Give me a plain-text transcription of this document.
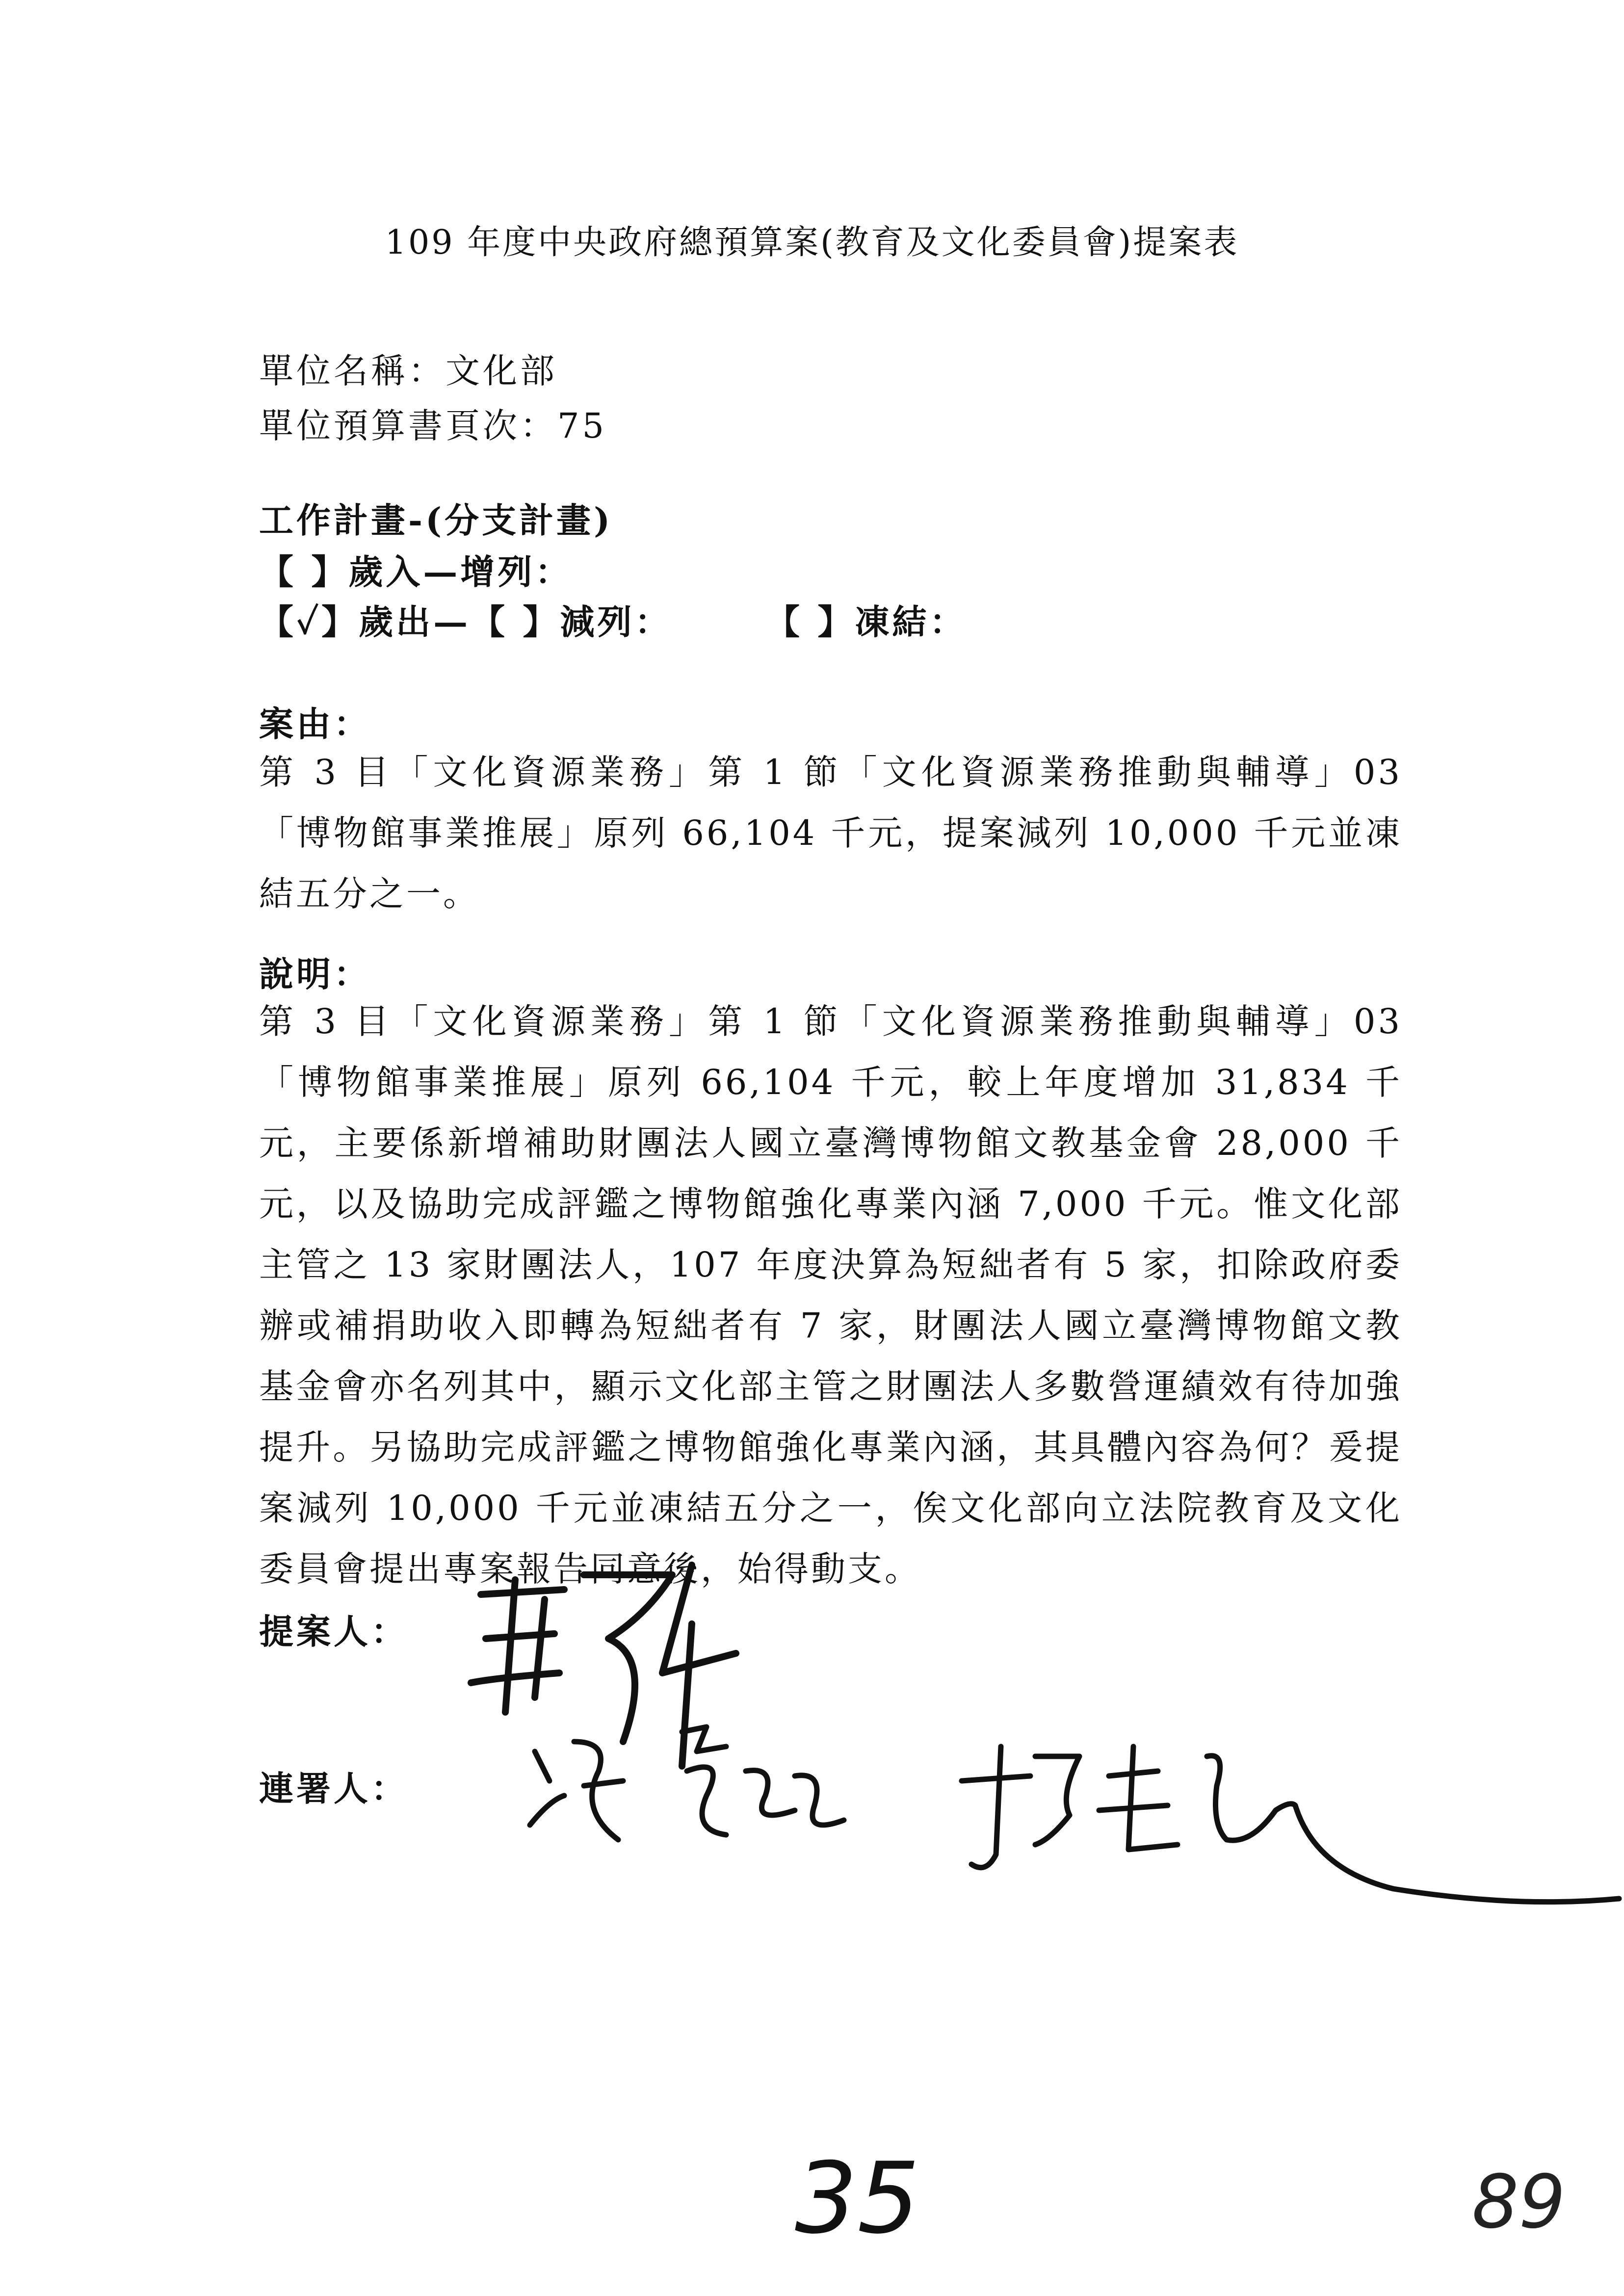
109 年度中央政府總預算案(教育及文化委員會)提案表
單位名稱：文化部
單位預算書頁次：75
工作計畫-(分支計畫)
【 】歲入—增列：
【✓】歲出—【 】減列：	【 】凍結：
案由：
第 3 目「文化資源業務」第 1 節「文化資源業務推動與輔導」03「博物館事業推展」原列 66,104 千元，提案減列 10,000 千元並凍結五分之一。
說明：
第 3 目「文化資源業務」第 1 節「文化資源業務推動與輔導」03「博物館事業推展」原列 66,104 千元，較上年度增加 31,834 千元，主要係新增補助財團法人國立臺灣博物館文教基金會 28,000 千元，以及協助完成評鑑之博物館強化專業內涵 7,000 千元。惟文化部主管之 13 家財團法人，107 年度決算為短絀者有 5 家，扣除政府委辦或補捐助收入即轉為短絀者有 7 家，財團法人國立臺灣博物館文教基金會亦名列其中，顯示文化部主管之財團法人多數營運績效有待加強提升。另協助完成評鑑之博物館強化專業內涵，其具體內容為何？爰提案減列 10,000 千元並凍結五分之一，俟文化部向立法院教育及文化委員會提出專案報告同意後，始得動支。
提案人：
連署人：
35	89
